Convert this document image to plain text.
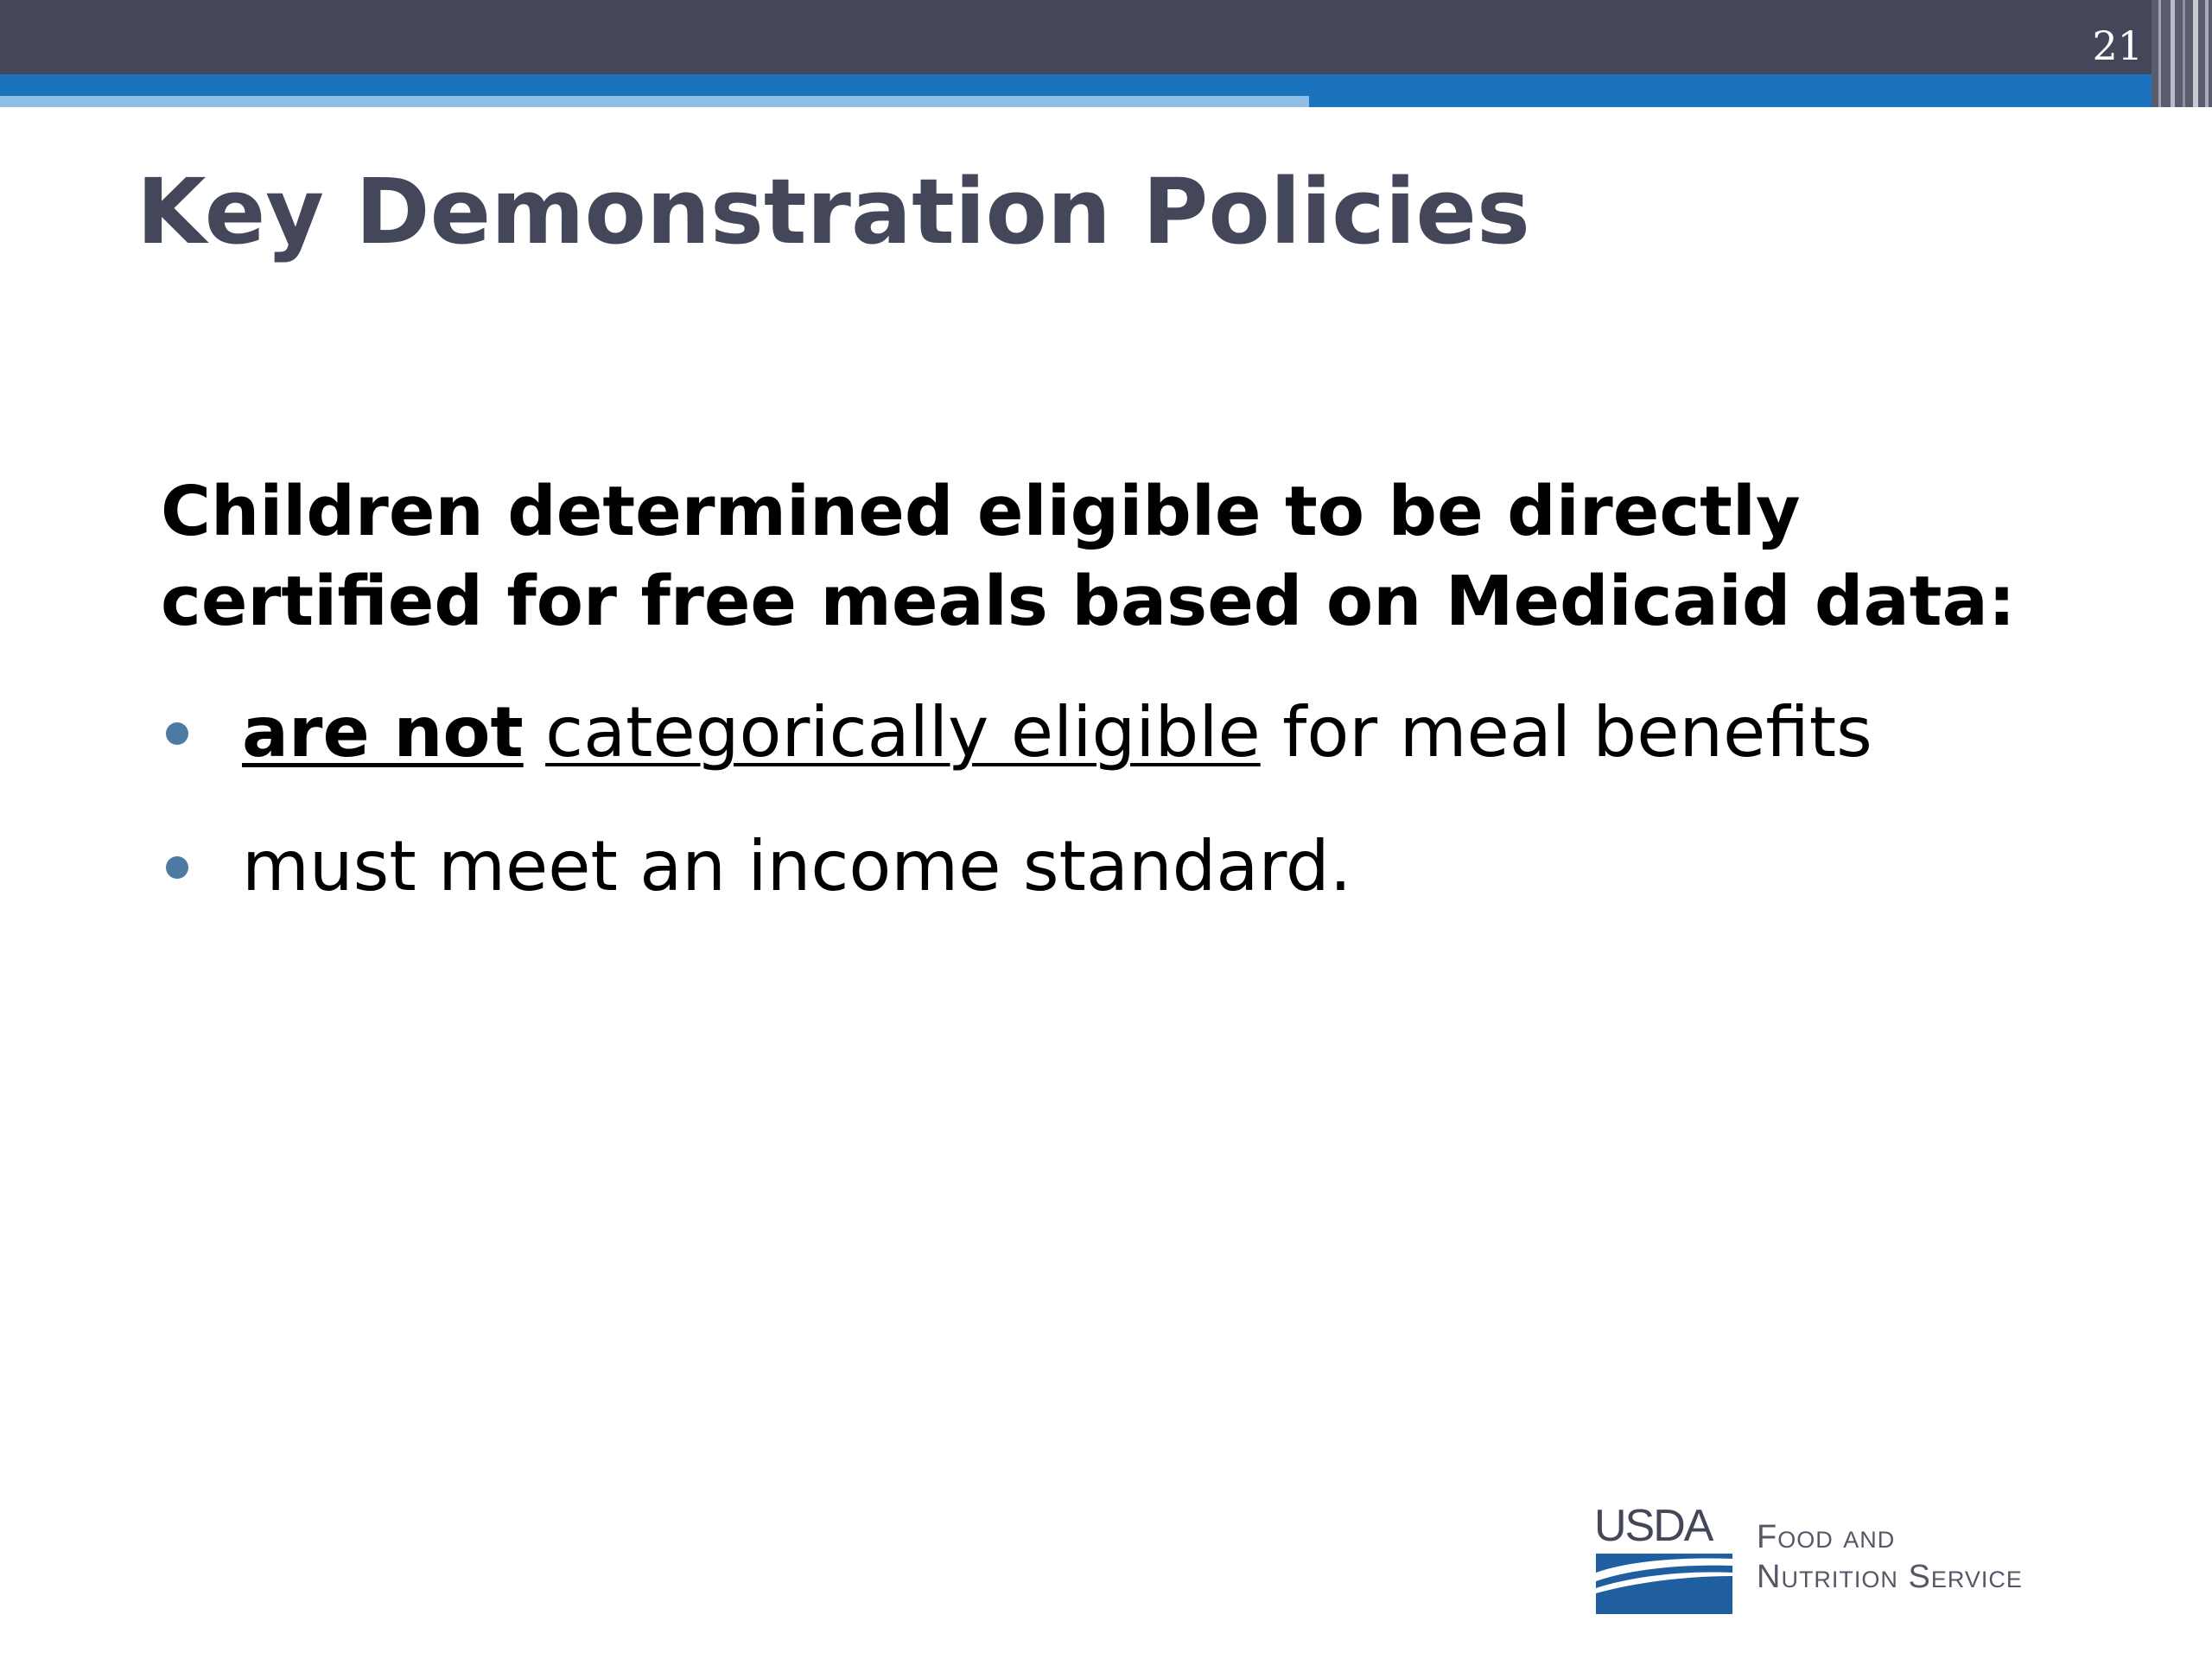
21
Key Demonstration Policies

Children determined eligible to be directly certified for free meals based on Medicaid data:

are not categorically eligible for meal benefits
must meet an income standard.
USDA Food and
Nutrition Service
